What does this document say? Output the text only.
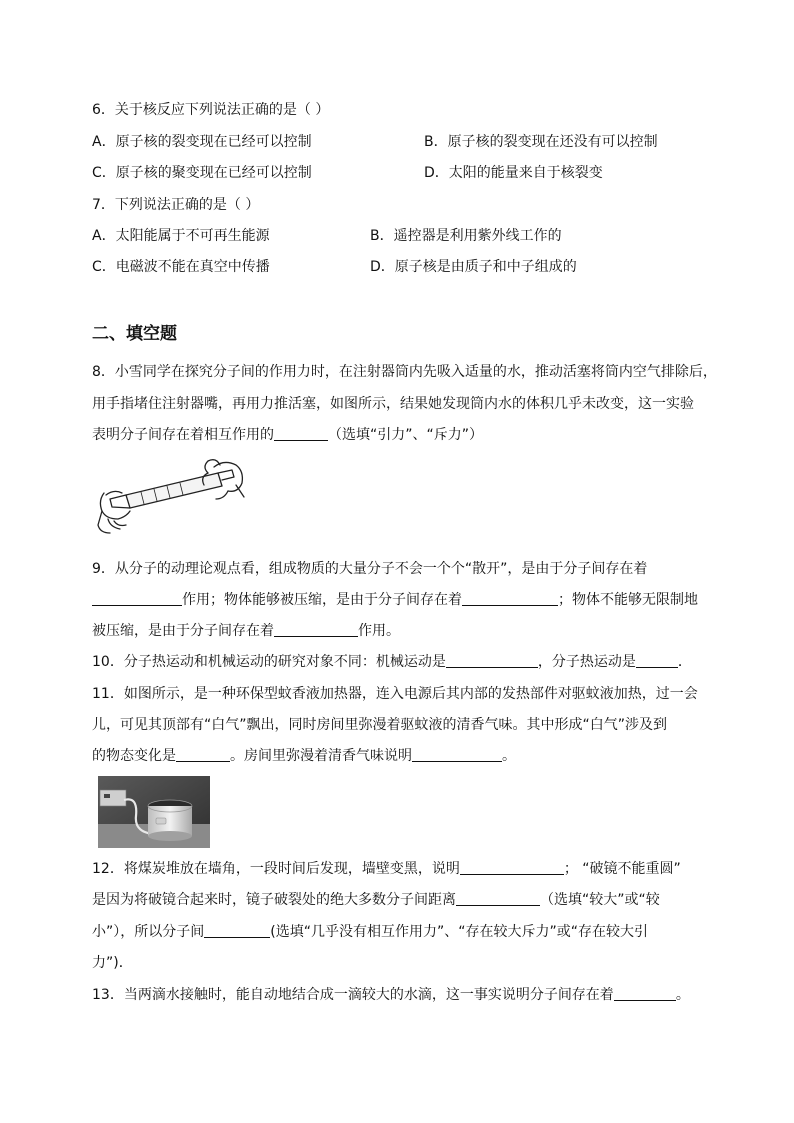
6．关于核反应下列说法正确的是（ ）
A．原子核的裂变现在已经可以控制	B．原子核的裂变现在还没有可以控制
C．原子核的聚变现在已经可以控制	D．太阳的能量来自于核裂变
7．下列说法正确的是（ ）
A．太阳能属于不可再生能源	B．遥控器是利用紫外线工作的
C．电磁波不能在真空中传播	D．原子核是由质子和中子组成的
二、填空题
8．小雪同学在探究分子间的作用力时，在注射器筒内先吸入适量的水，推动活塞将筒内空气排除后，
用手指堵住注射器嘴，再用力推活塞，如图所示，结果她发现筒内水的体积几乎未改变，这一实验
表明分子间存在着相互作用的	（选填“引力”、“斥力”）
9．从分子的动理论观点看，组成物质的大量分子不会一个个“散开”，是由于分子间存在着
作用；物体能够被压缩，是由于分子间存在着	；物体不能够无限制地
被压缩，是由于分子间存在着	作用。
10．分子热运动和机械运动的研究对象不同：机械运动是	，分子热运动是	．
11．如图所示，是一种环保型蚊香液加热器，连入电源后其内部的发热部件对驱蚊液加热，过一会
儿，可见其顶部有“白气”飘出，同时房间里弥漫着驱蚊液的清香气味。其中形成“白气”涉及到
的物态变化是	。房间里弥漫着清香气味说明	。
12．将煤炭堆放在墙角，一段时间后发现，墙壁变黑，说明	； “破镜不能重圆”
是因为将破镜合起来时，镜子破裂处的绝大多数分子间距离	（选填“较大”或“较
小”），所以分子间	(选填“几乎没有相互作用力”、“存在较大斥力”或“存在较大引
力”)．
13．当两滴水接触时，能自动地结合成一滴较大的水滴，这一事实说明分子间存在着	。
